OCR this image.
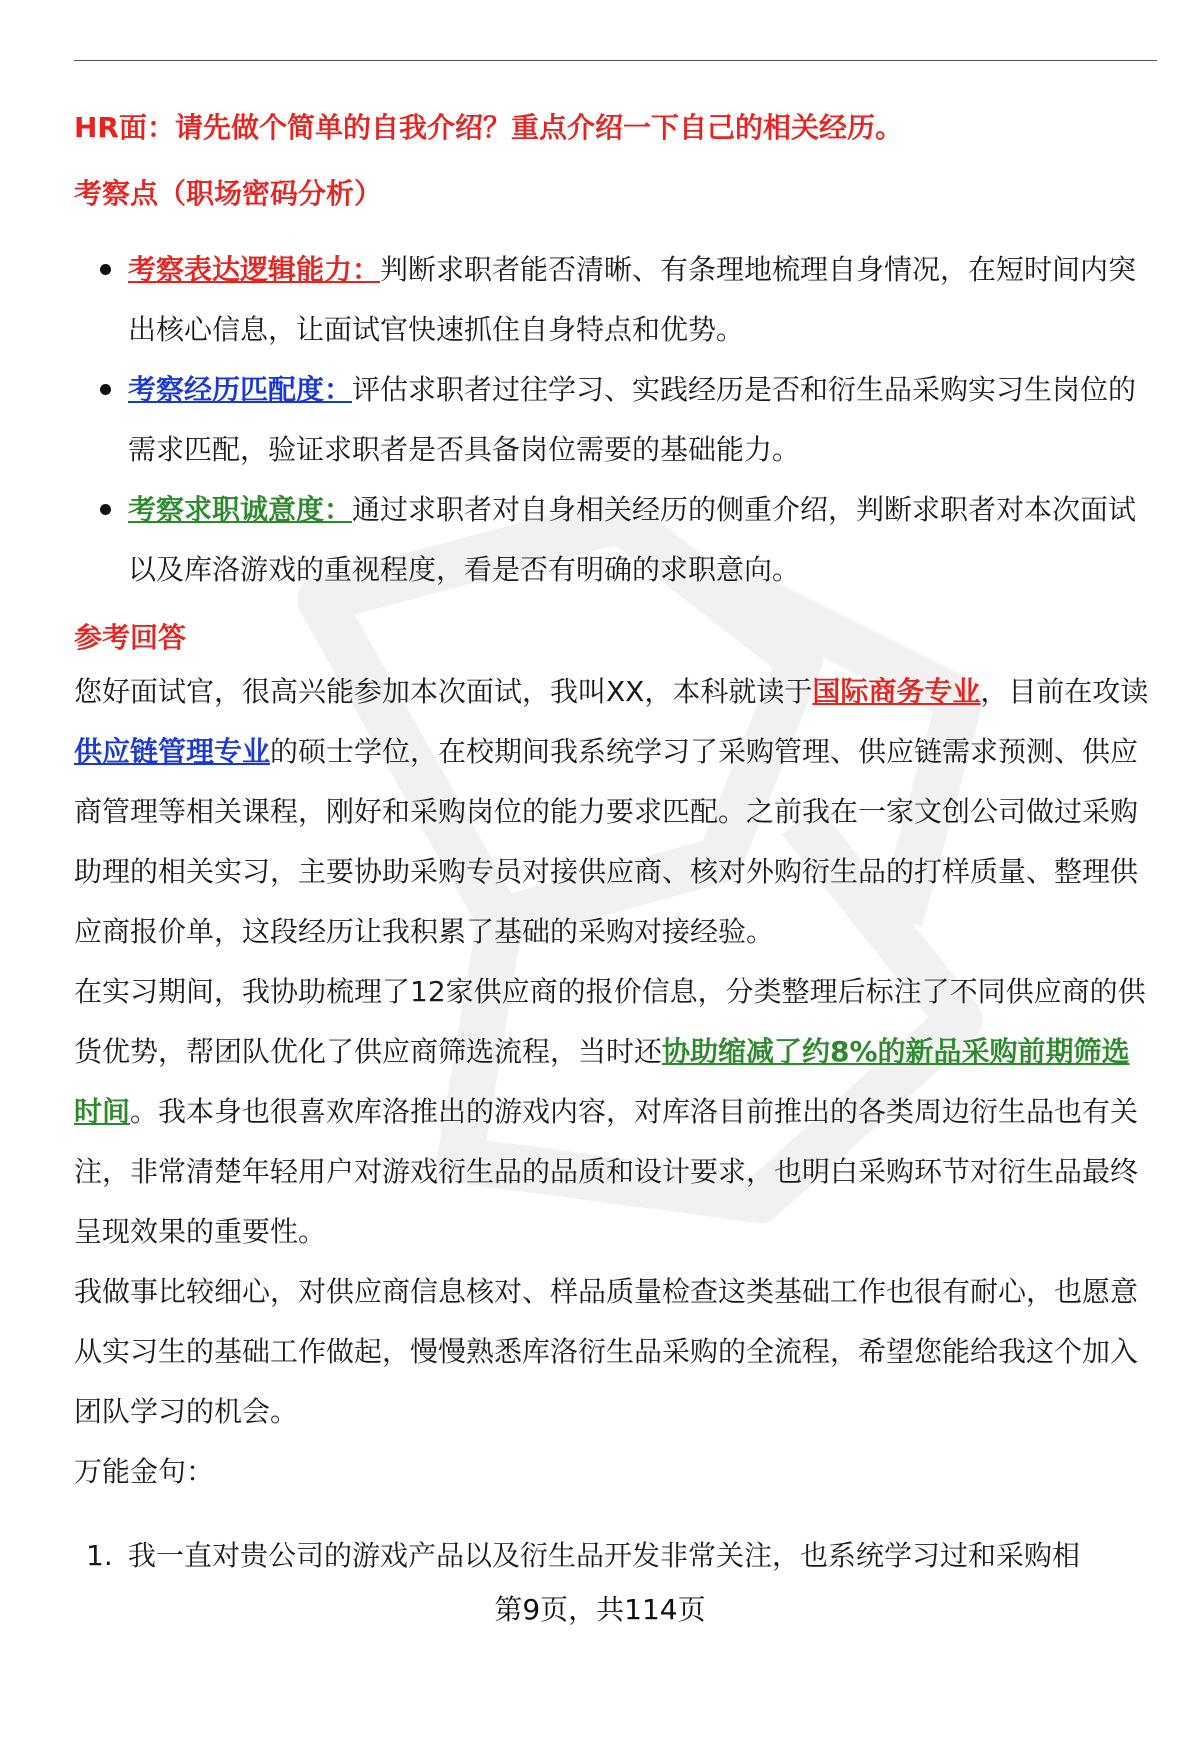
HR面：请先做个简单的自我介绍？重点介绍一下自己的相关经历。

考察点（职场密码分析）

考察表达逻辑能力：判断求职者能否清晰、有条理地梳理自身情况，在短时间内突出核心信息，让面试官快速抓住自身特点和优势。
考察经历匹配度：评估求职者过往学习、实践经历是否和衍生品采购实习生岗位的需求匹配，验证求职者是否具备岗位需要的基础能力。
考察求职诚意度：通过求职者对自身相关经历的侧重介绍，判断求职者对本次面试以及库洛游戏的重视程度，看是否有明确的求职意向。

参考回答

您好面试官，很高兴能参加本次面试，我叫XX，本科就读于国际商务专业，目前在攻读供应链管理专业的硕士学位，在校期间我系统学习了采购管理、供应链需求预测、供应商管理等相关课程，刚好和采购岗位的能力要求匹配。之前我在一家文创公司做过采购助理的相关实习，主要协助采购专员对接供应商、核对外购衍生品的打样质量、整理供应商报价单，这段经历让我积累了基础的采购对接经验。

在实习期间，我协助梳理了12家供应商的报价信息，分类整理后标注了不同供应商的供货优势，帮团队优化了供应商筛选流程，当时还协助缩减了约8%的新品采购前期筛选时间。我本身也很喜欢库洛推出的游戏内容，对库洛目前推出的各类周边衍生品也有关注，非常清楚年轻用户对游戏衍生品的品质和设计要求，也明白采购环节对衍生品最终呈现效果的重要性。

我做事比较细心，对供应商信息核对、样品质量检查这类基础工作也很有耐心，也愿意从实习生的基础工作做起，慢慢熟悉库洛衍生品采购的全流程，希望您能给我这个加入团队学习的机会。

万能金句：

1. 我一直对贵公司的游戏产品以及衍生品开发非常关注，也系统学习过和采购相
第9页，共114页
